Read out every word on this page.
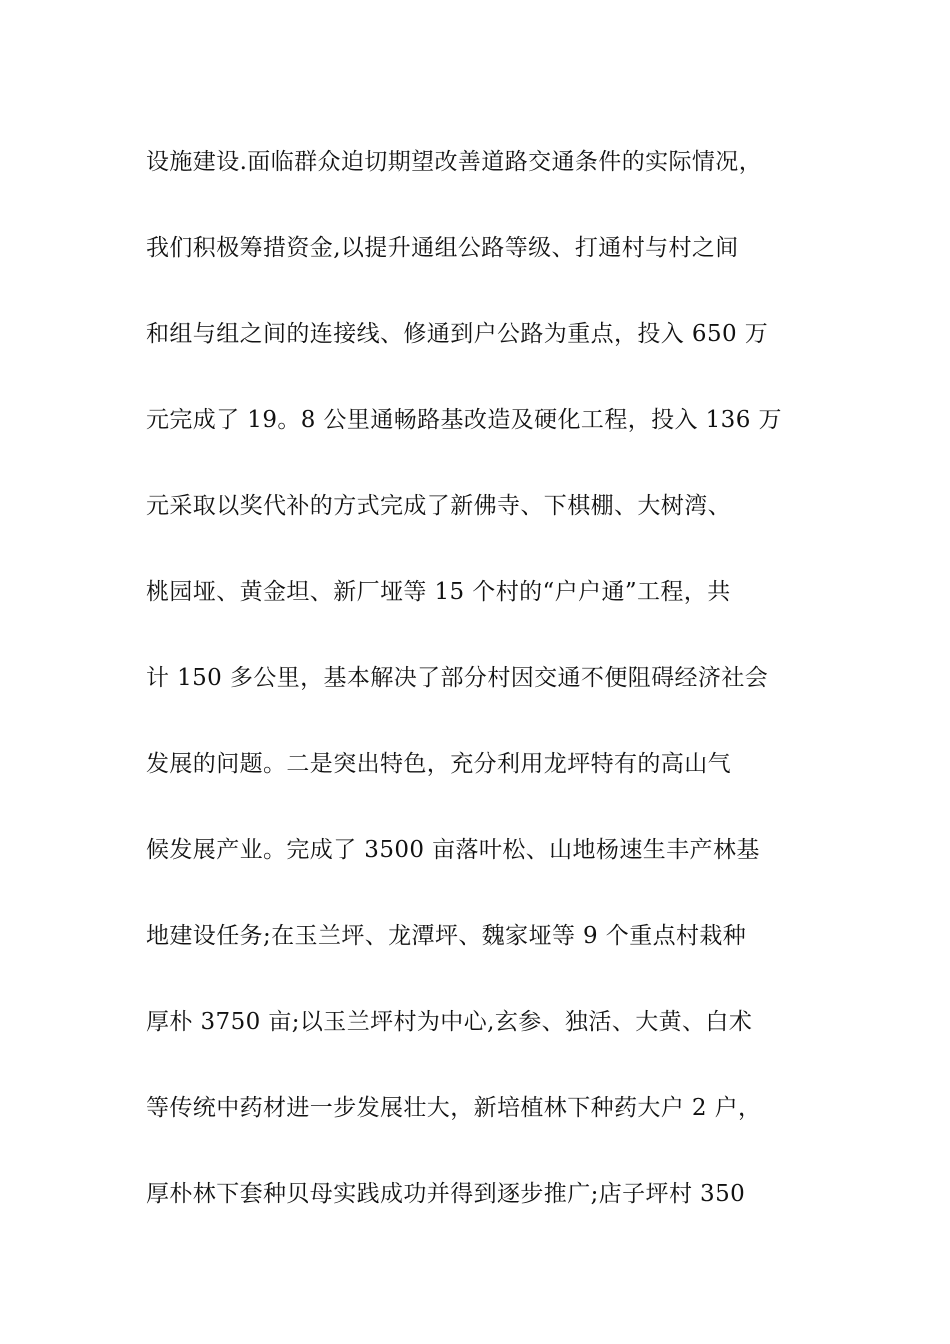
设施建设.面临群众迫切期望改善道路交通条件的实际情况，
我们积极筹措资金,以提升通组公路等级、打通村与村之间
和组与组之间的连接线、修通到户公路为重点，投入 650 万
元完成了 19。8 公里通畅路基改造及硬化工程，投入 136 万
元采取以奖代补的方式完成了新佛寺、下棋棚、大树湾、
桃园垭、黄金坦、新厂垭等 15 个村的“户户通”工程，共
计 150 多公里，基本解决了部分村因交通不便阻碍经济社会
发展的问题。二是突出特色，充分利用龙坪特有的高山气
候发展产业。完成了 3500 亩落叶松、山地杨速生丰产林基
地建设任务;在玉兰坪、龙潭坪、魏家垭等 9 个重点村栽种
厚朴 3750 亩;以玉兰坪村为中心,玄参、独活、大黄、白术
等传统中药材进一步发展壮大，新培植林下种药大户 2 户，
厚朴林下套种贝母实践成功并得到逐步推广;店子坪村 350
